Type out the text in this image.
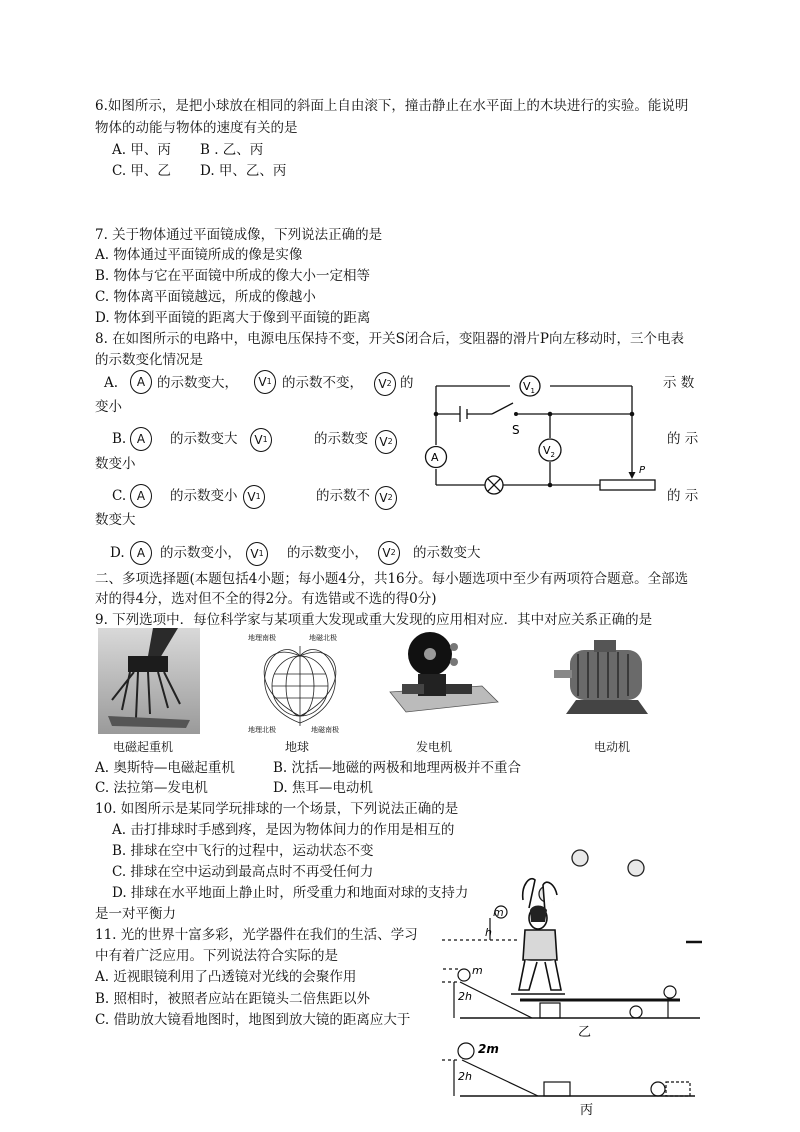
6.如图所示，是把小球放在相同的斜面上自由滚下，撞击静止在水平面上的木块进行的实验。能说明
物体的动能与物体的速度有关的是
A. 甲、丙 B . 乙、丙
C. 甲、乙 D. 甲、乙、丙
7. 关于物体通过平面镜成像，下列说法正确的是
A. 物体通过平面镜所成的像是实像
B. 物体与它在平面镜中所成的像大小一定相等
C. 物体离平面镜越远，所成的像越小
D. 物体到平面镜的距离大于像到平面镜的距离
8. 在如图所示的电路中，电源电压保持不变，开关S闭合后，变阻器的滑片P向左移动时，三个电表
的示数变化情况是
A. A 的示数变大， V 1 的示数不变， V 2 的	示 数
变小
B. A 的示数变大 V 1	的示数变 V 2	的 示
数变小
C. A 的示数变小 V 1	的示数不 V 2	的 示
数变大
D. A 的示数变小， V 1 的示数变小， V 2 的示数变大
$V_1$
A
$V_2$
S
P
二、多项选择题(本题包括4小题；每小题4分，共16分。每小题选项中至少有两项符合题意。全部选
对的得4分，选对但不全的得2分。有选错或不选的得0分)
9. 下列选项中．每位科学家与某项重大发现或重大发现的应用相对应．其中对应关系正确的是
电磁起重机
地理南极	地磁北极
地理北极	地磁南极
地球	发电机	电动机
A. 奥斯特—电磁起重机	B. 沈括—地磁的两极和地理两极并不重合
C. 法拉第—发电机	D. 焦耳—电动机
10. 如图所示是某同学玩排球的一个场景，下列说法正确的是
A. 击打排球时手感到疼，是因为物体间力的作用是相互的
B. 排球在空中飞行的过程中，运动状态不变
C. 排球在空中运动到最高点时不再受任何力
D. 排球在水平地面上静止时，所受重力和地面对球的支持力
是一对平衡力
11. 光的世界十富多彩，光学器件在我们的生活、学习
中有着广泛应用。下列说法符合实际的是
A. 近视眼镜利用了凸透镜对光线的会聚作用
B. 照相时，被照者应站在距镜头二倍焦距以外
C. 借助放大镜看地图时，地图到放大镜的距离应大于
m
2h
m
h
乙
2m
2h
丙
